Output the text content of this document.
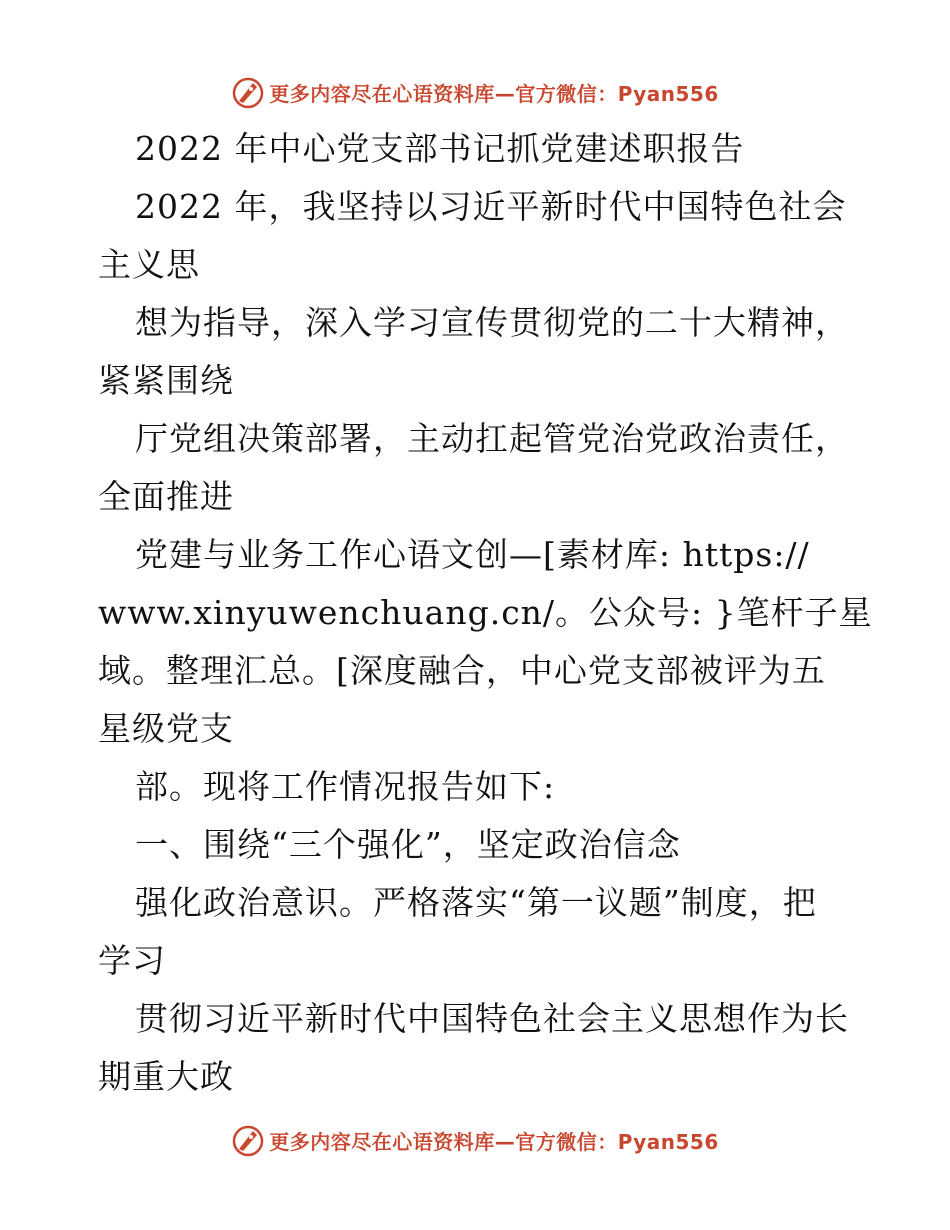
更多内容尽在心语资料库—官方微信：Pyan556
2022 年中心党支部书记抓党建述职报告
2022 年，我坚持以习近平新时代中国特色社会
主义思
想为指导，深入学习宣传贯彻党的二十大精神，
紧紧围绕
厅党组决策部署，主动扛起管党治党政治责任，
全面推进
党建与业务工作心语文创—[素材库: https://
www.xinyuwenchuang.cn/。公众号: }笔杆子星
域。整理汇总。[深度融合，中心党支部被评为五
星级党支
部。现将工作情况报告如下:
一、围绕“三个强化”，坚定政治信念
强化政治意识。严格落实“第一议题”制度，把
学习
贯彻习近平新时代中国特色社会主义思想作为长
期重大政
更多内容尽在心语资料库—官方微信：Pyan556
